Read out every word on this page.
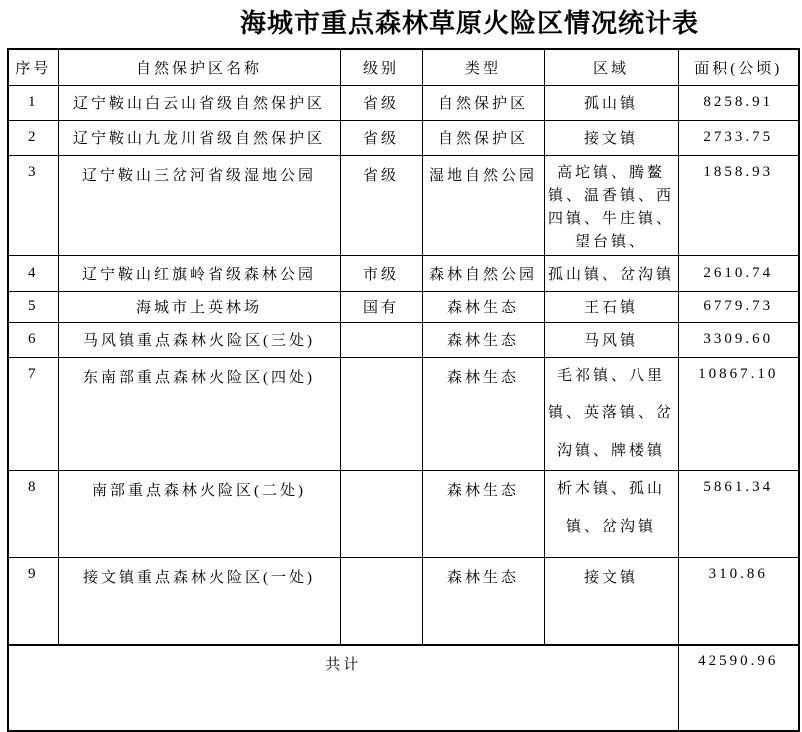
海城市重点森林草原火险区情况统计表
序号	自然保护区名称	级别	类型	区域	面积(公顷)
1	辽宁鞍山白云山省级自然保护区	省级	自然保护区	孤山镇	8258.91
2	辽宁鞍山九龙川省级自然保护区	省级	自然保护区	接文镇	2733.75
3	辽宁鞍山三岔河省级湿地公园	省级	湿地自然公园	高坨镇、腾鳌镇、温香镇、西四镇、牛庄镇、望台镇、	1858.93
4	辽宁鞍山红旗岭省级森林公园	市级	森林自然公园	孤山镇、岔沟镇	2610.74
5	海城市上英林场	国有	森林生态	王石镇	6779.73
6	马风镇重点森林火险区(三处)		森林生态	马风镇	3309.60
7	东南部重点森林火险区(四处)		森林生态	毛祁镇、八里镇、英落镇、岔沟镇、牌楼镇	10867.10
8	南部重点森林火险区(二处)		森林生态	析木镇、孤山镇、岔沟镇	5861.34
9	接文镇重点森林火险区(一处)		森林生态	接文镇	310.86
共计					42590.96
